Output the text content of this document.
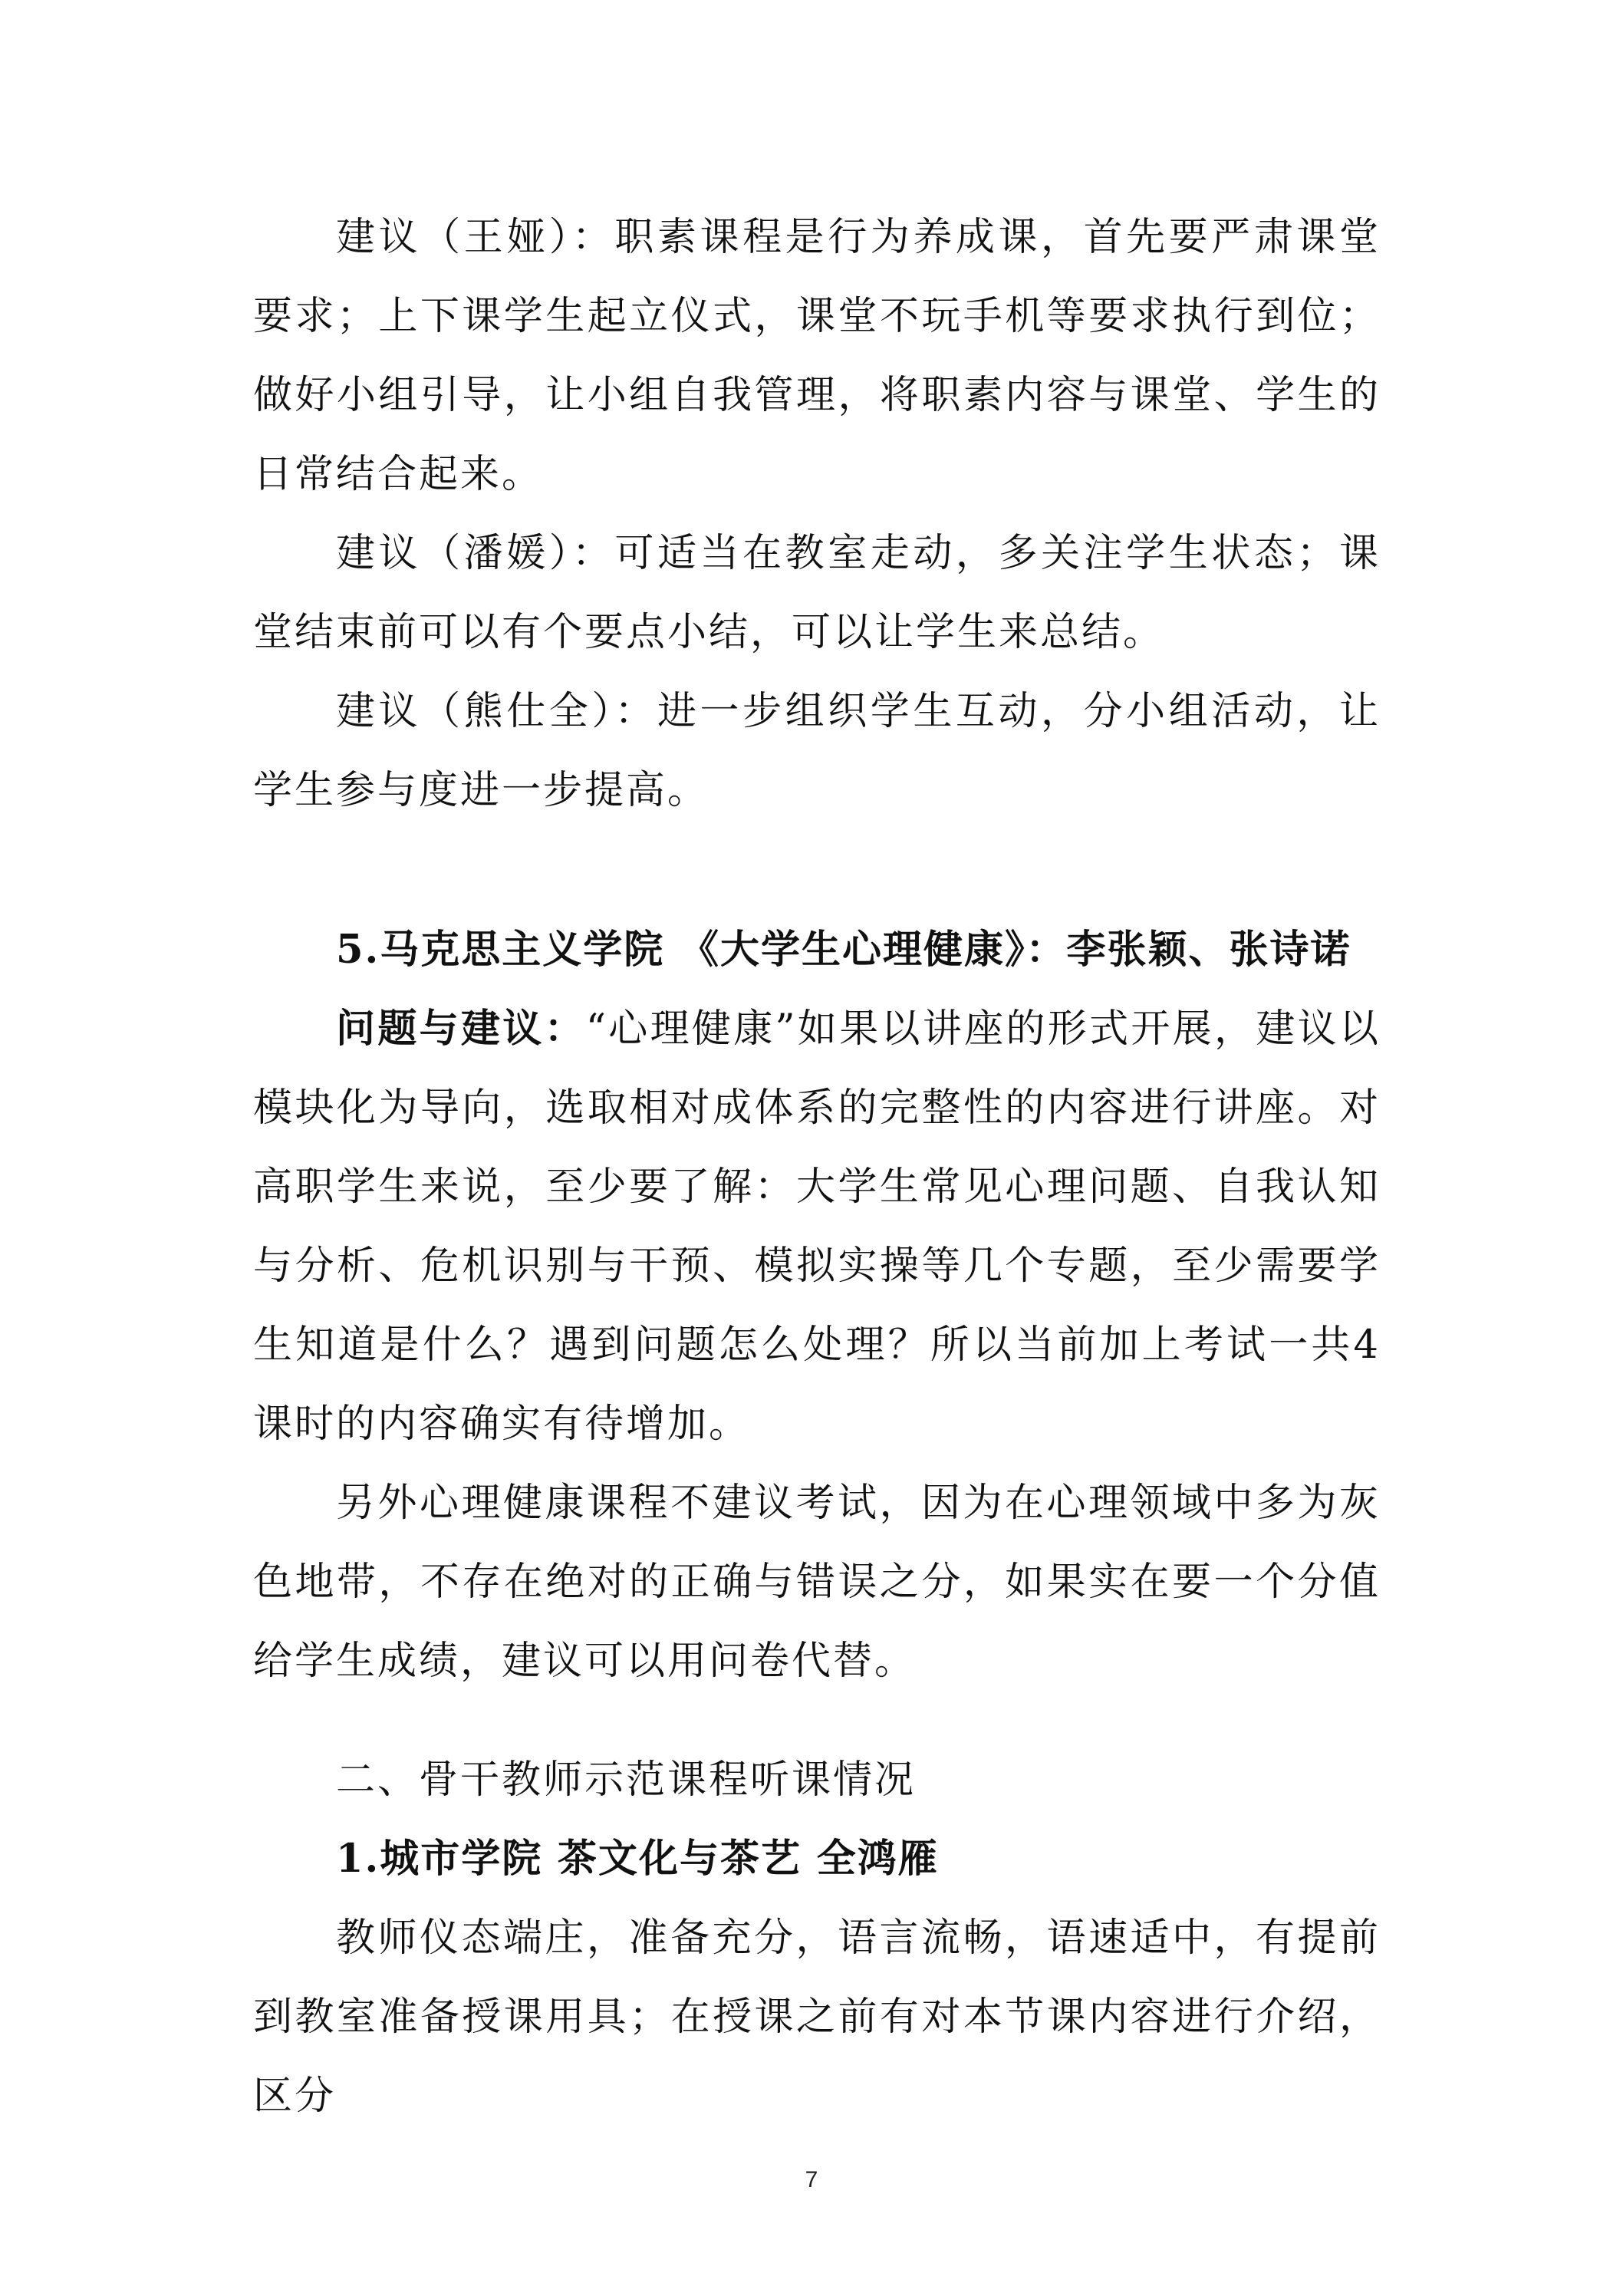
建议（王娅）：职素课程是行为养成课，首先要严肃课堂要求；上下课学生起立仪式，课堂不玩手机等要求执行到位；做好小组引导，让小组自我管理，将职素内容与课堂、学生的日常结合起来。

建议（潘媛）：可适当在教室走动，多关注学生状态；课堂结束前可以有个要点小结，可以让学生来总结。

建议（熊仕全）：进一步组织学生互动，分小组活动，让学生参与度进一步提高。

5.马克思主义学院 《大学生心理健康》：李张颖、张诗诺

问题与建议：“心理健康”如果以讲座的形式开展，建议以模块化为导向，选取相对成体系的完整性的内容进行讲座。对高职学生来说，至少要了解：大学生常见心理问题、自我认知与分析、危机识别与干预、模拟实操等几个专题，至少需要学生知道是什么？遇到问题怎么处理？所以当前加上考试一共4课时的内容确实有待增加。

另外心理健康课程不建议考试，因为在心理领域中多为灰色地带，不存在绝对的正确与错误之分，如果实在要一个分值给学生成绩，建议可以用问卷代替。

二、骨干教师示范课程听课情况
1.城市学院 茶文化与茶艺 全鸿雁

教师仪态端庄，准备充分，语言流畅，语速适中，有提前到教室准备授课用具；在授课之前有对本节课内容进行介绍，区分

7
